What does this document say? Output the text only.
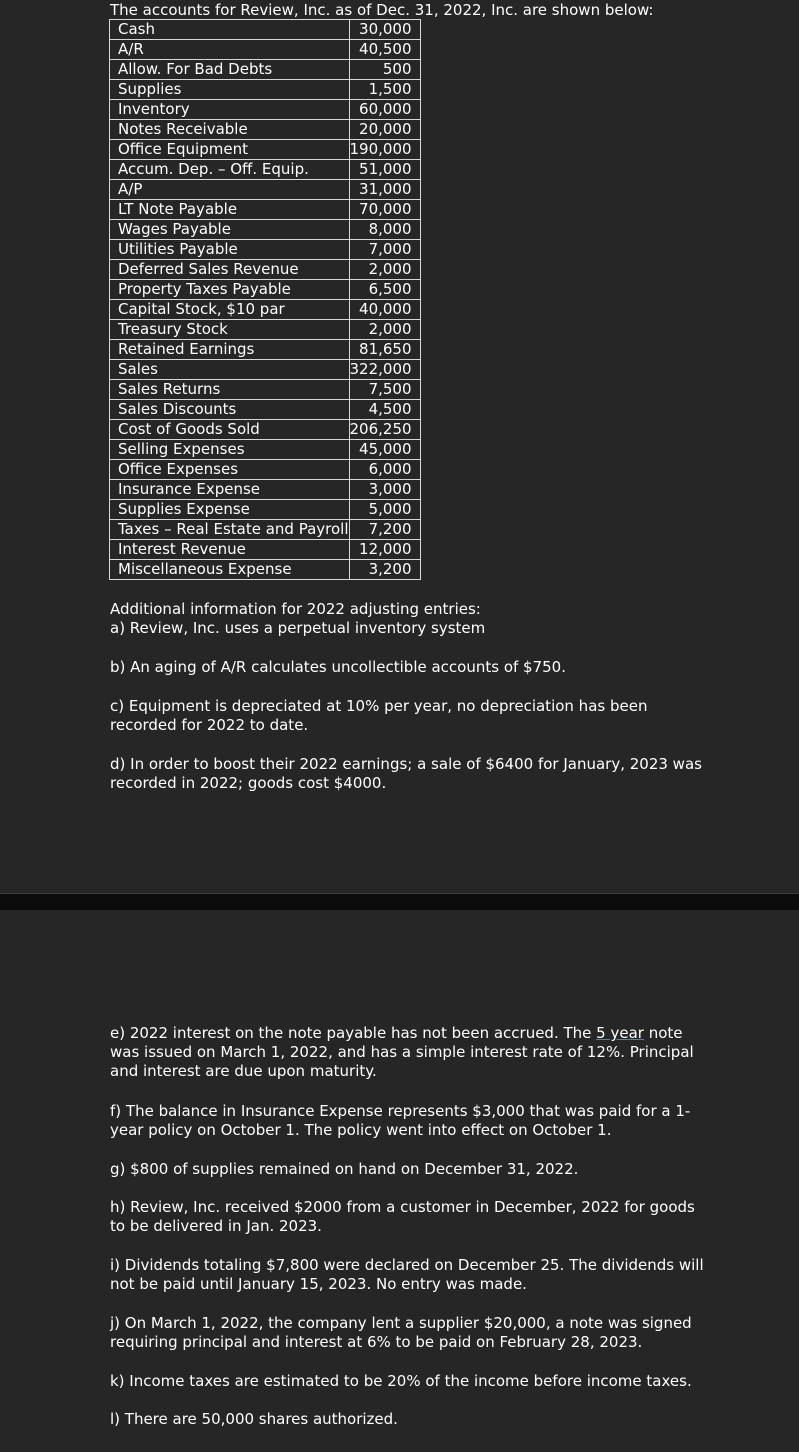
The accounts for Review, Inc. as of Dec. 31, 2022, Inc. are shown below:
Cash	30,000
A/R	40,500
Allow. For Bad Debts	500
Supplies	1,500
Inventory	60,000
Notes Receivable	20,000
Office Equipment	190,000
Accum. Dep. – Off. Equip.	51,000
A/P	31,000
LT Note Payable	70,000
Wages Payable	8,000
Utilities Payable	7,000
Deferred Sales Revenue	2,000
Property Taxes Payable	6,500
Capital Stock, $10 par	40,000
Treasury Stock	2,000
Retained Earnings	81,650
Sales	322,000
Sales Returns	7,500
Sales Discounts	4,500
Cost of Goods Sold	206,250
Selling Expenses	45,000
Office Expenses	6,000
Insurance Expense	3,000
Supplies Expense	5,000
Taxes – Real Estate and Payroll	7,200
Interest Revenue	12,000
Miscellaneous Expense	3,200

Additional information for 2022 adjusting entries:

a) Review, Inc. uses a perpetual inventory system

b) An aging of A/R calculates uncollectible accounts of $750.

c) Equipment is depreciated at 10% per year, no depreciation has been recorded for 2022 to date.

d) In order to boost their 2022 earnings; a sale of $6400 for January, 2023 was recorded in 2022; goods cost $4000.

e) 2022 interest on the note payable has not been accrued. The 5 year note was issued on March 1, 2022, and has a simple interest rate of 12%. Principal and interest are due upon maturity.

f) The balance in Insurance Expense represents $3,000 that was paid for a 1-year policy on October 1. The policy went into effect on October 1.

g) $800 of supplies remained on hand on December 31, 2022.

h) Review, Inc. received $2000 from a customer in December, 2022 for goods to be delivered in Jan. 2023.

i) Dividends totaling $7,800 were declared on December 25. The dividends will not be paid until January 15, 2023. No entry was made.

j) On March 1, 2022, the company lent a supplier $20,000, a note was signed requiring principal and interest at 6% to be paid on February 28, 2023.

k) Income taxes are estimated to be 20% of the income before income taxes.

l) There are 50,000 shares authorized.
